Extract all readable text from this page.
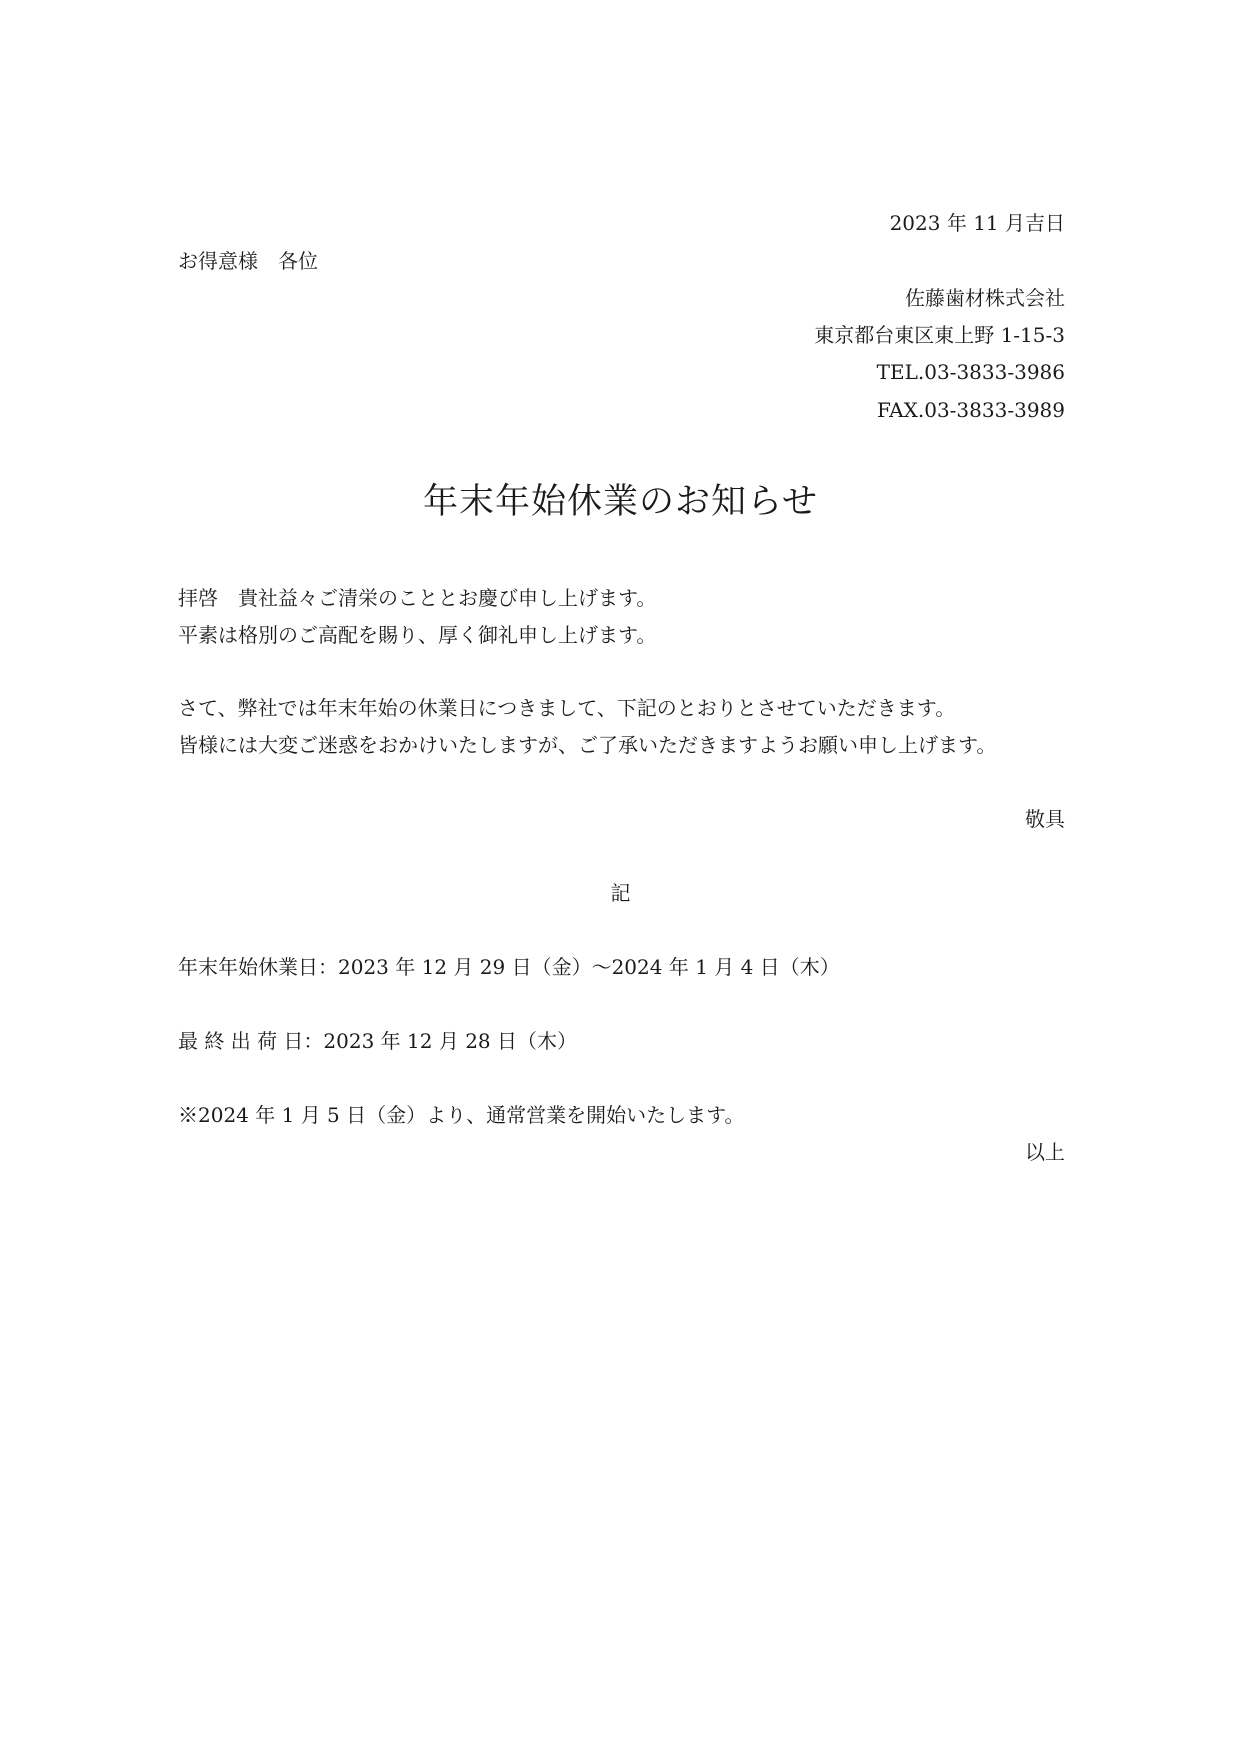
2023 年 11 月吉日
お得意様　各位
佐藤歯材株式会社
東京都台東区東上野 1-15-3
TEL.03-3833-3986
FAX.03-3833-3989
年末年始休業のお知らせ
拝啓　貴社益々ご清栄のこととお慶び申し上げます。
平素は格別のご高配を賜り、厚く御礼申し上げます。
さて、弊社では年末年始の休業日につきまして、下記のとおりとさせていただきます。
皆様には大変ご迷惑をおかけいたしますが、ご了承いただきますようお願い申し上げます。
敬具
記
年末年始休業日：2023 年 12 月 29 日（金）～2024 年 1 月 4 日（木）
最 終 出 荷 日：2023 年 12 月 28 日（木）
※2024 年 1 月 5 日（金）より、通常営業を開始いたします。
以上
